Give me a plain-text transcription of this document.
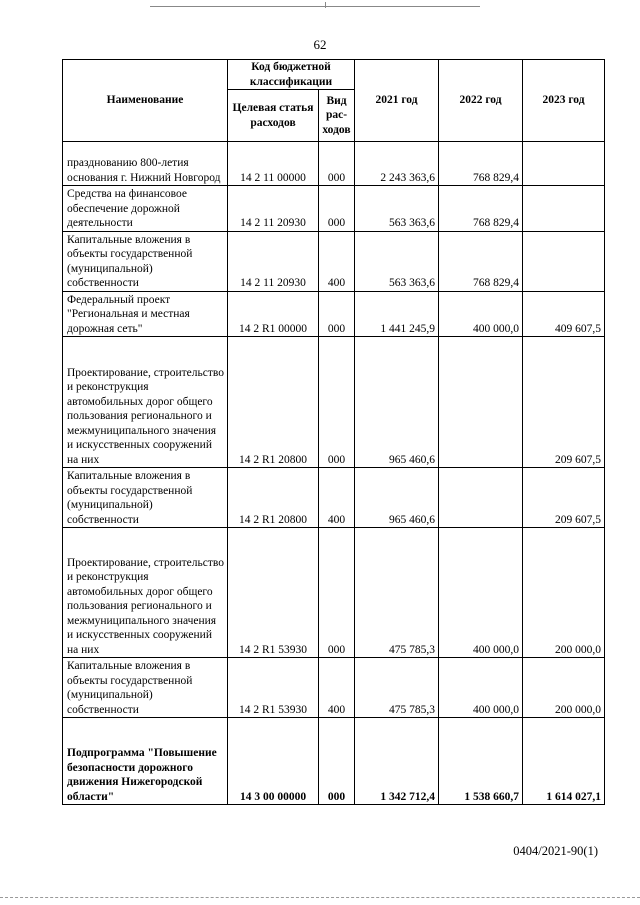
62
Наименование	Код бюджетной классификации		2021 год	2022 год	2023 год
	Целевая статья расходов	Вид рас-ходов			
празднованию 800-летия основания г. Нижний Новгород	14 2 11 00000	000	2 243 363,6	768 829,4	
Средства на финансовое обеспечение дорожной деятельности	14 2 11 20930	000	563 363,6	768 829,4	
Капитальные вложения в объекты государственной (муниципальной) собственности	14 2 11 20930	400	563 363,6	768 829,4	
Федеральный проект "Региональная и местная дорожная сеть"	14 2 R1 00000	000	1 441 245,9	400 000,0	409 607,5
Проектирование, строительство и реконструкция автомобильных дорог общего пользования регионального и межмуниципального значения и искусственных сооружений на них	14 2 R1 20800	000	965 460,6		209 607,5
Капитальные вложения в объекты государственной (муниципальной) собственности	14 2 R1 20800	400	965 460,6		209 607,5
Проектирование, строительство и реконструкция автомобильных дорог общего пользования регионального и межмуниципального значения и искусственных сооружений на них	14 2 R1 53930	000	475 785,3	400 000,0	200 000,0
Капитальные вложения в объекты государственной (муниципальной) собственности	14 2 R1 53930	400	475 785,3	400 000,0	200 000,0
Подпрограмма "Повышение безопасности дорожного движения Нижегородской области"	14 3 00 00000	000	1 342 712,4	1 538 660,7	1 614 027,1
0404/2021-90(1)
